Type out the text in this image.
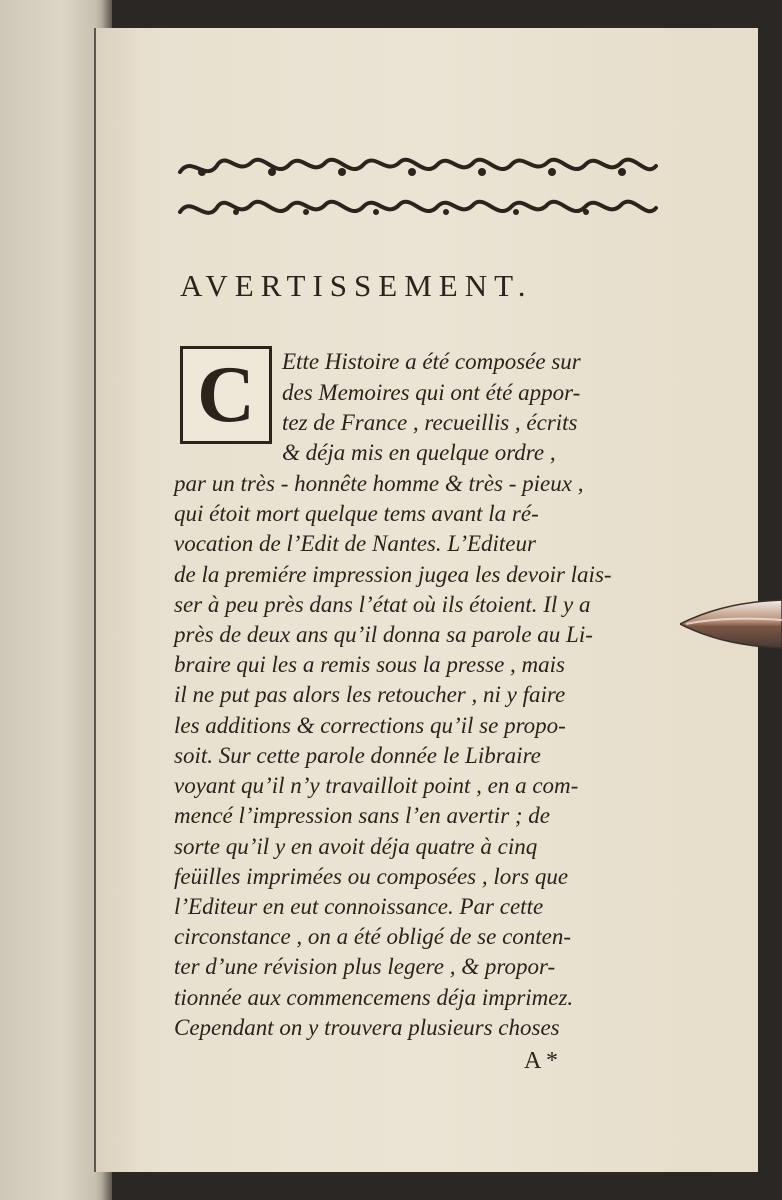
AVERTISSEMENT.
C	Ette Histoire a été composée sur
des Memoires qui ont été appor-
tez de France , recueillis , écrits
& déja mis en quelque ordre ,
par un très - honnête homme & très - pieux ,
qui étoit mort quelque tems avant la ré-
vocation de l’Edit de Nantes. L’Editeur
de la premiére impression jugea les devoir lais-
ser à peu près dans l’état où ils étoient. Il y a
près de deux ans qu’il donna sa parole au Li-
braire qui les a remis sous la presse , mais
il ne put pas alors les retoucher , ni y faire
les additions & corrections qu’il se propo-
soit. Sur cette parole donnée le Libraire
voyant qu’il n’y travailloit point , en a com-
mencé l’impression sans l’en avertir ; de
sorte qu’il y en avoit déja quatre à cinq
feüilles imprimées ou composées , lors que
l’Editeur en eut connoissance. Par cette
circonstance , on a été obligé de se conten-
ter d’une révision plus legere , & propor-
tionnée aux commencemens déja imprimez.
Cependant on y trouvera plusieurs choses
A *
